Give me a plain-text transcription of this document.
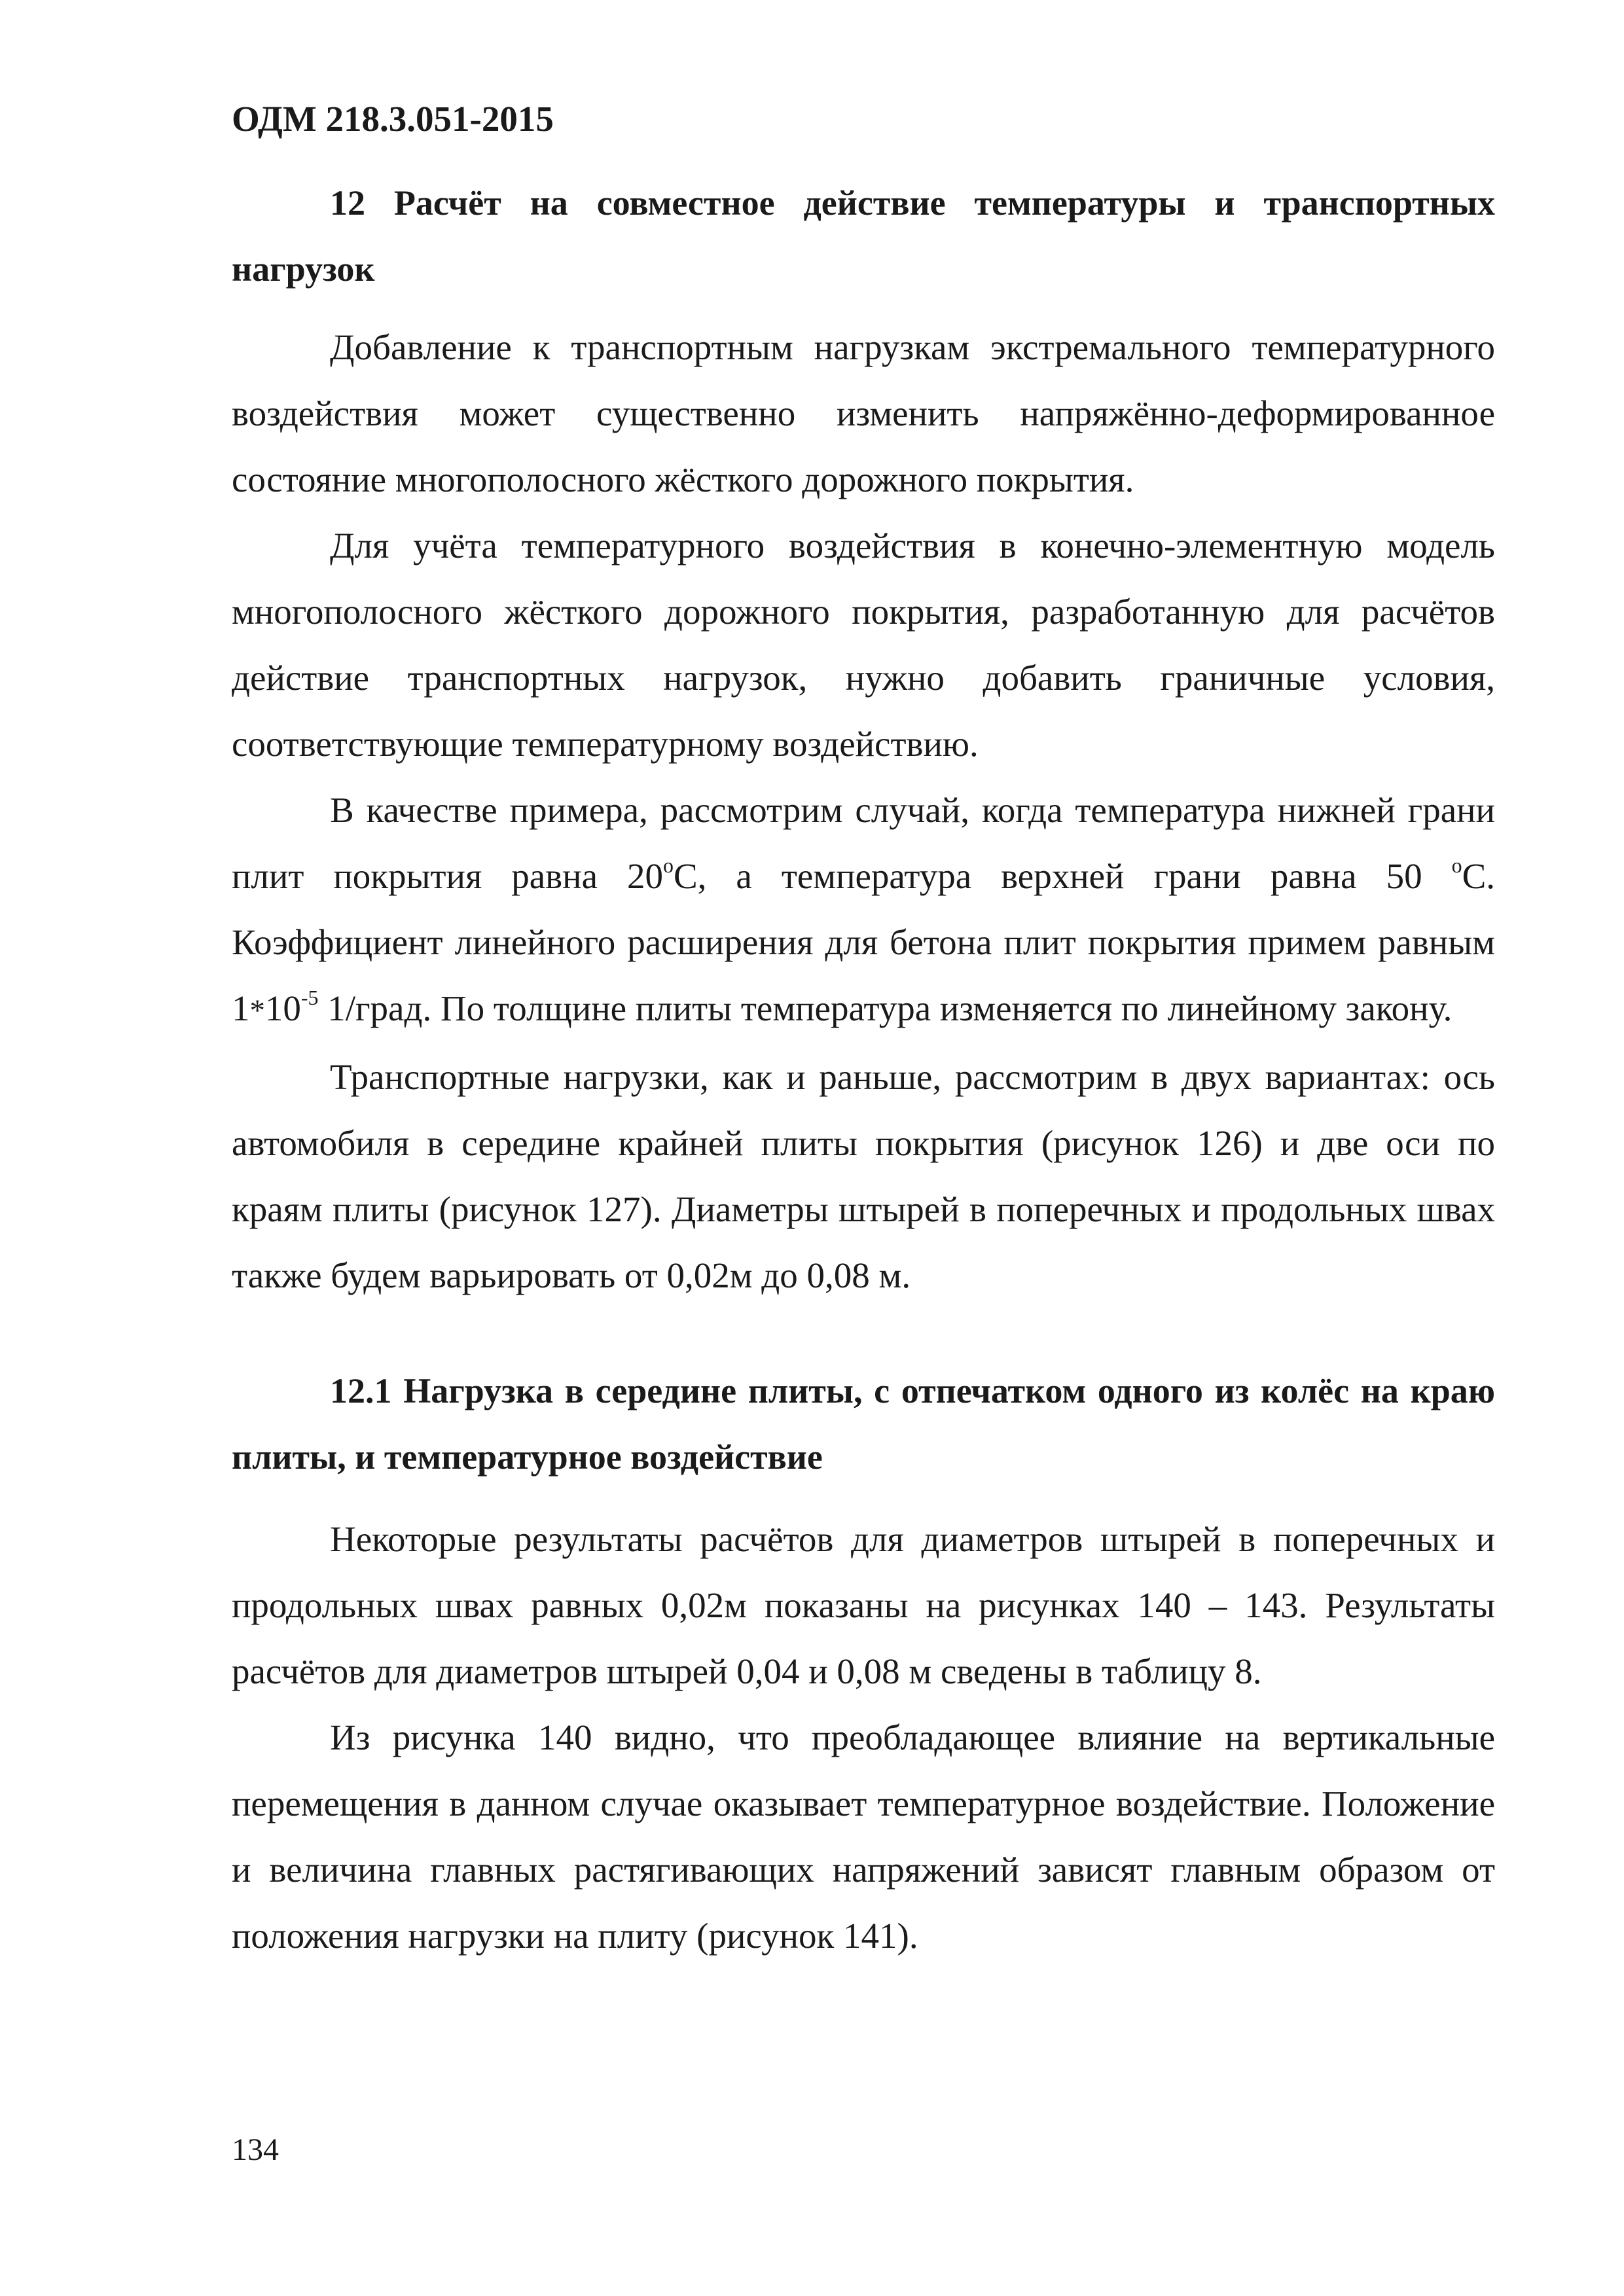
ОДМ 218.3.051-2015

12 Расчёт на совместное действие температуры и транспортных нагрузок

Добавление к транспортным нагрузкам экстремального температурного воздействия может существенно изменить напряжённо-деформированное состояние многополосного жёсткого дорожного покрытия.

Для учёта температурного воздействия в конечно-элементную модель многополосного жёсткого дорожного покрытия, разработанную для расчётов действие транспортных нагрузок, нужно добавить граничные условия, соответствующие температурному воздействию.

В качестве примера, рассмотрим случай, когда температура нижней грани плит покрытия равна 20$^o$С, а температура верхней грани равна 50 $^o$С. Коэффициент линейного расширения для бетона плит покрытия примем равным $1*10^{-5}$ 1/град. По толщине плиты температура изменяется по линейному закону.

Транспортные нагрузки, как и раньше, рассмотрим в двух вариантах: ось автомобиля в середине крайней плиты покрытия (рисунок 126) и две оси по краям плиты (рисунок 127). Диаметры штырей в поперечных и продольных швах также будем варьировать от 0,02м до 0,08 м.

12.1 Нагрузка в середине плиты, с отпечатком одного из колёс на краю плиты, и температурное воздействие

Некоторые результаты расчётов для диаметров штырей в поперечных и продольных швах равных 0,02м показаны на рисунках 140 – 143. Результаты расчётов для диаметров штырей 0,04 и 0,08 м сведены в таблицу 8.

Из рисунка 140 видно, что преобладающее влияние на вертикальные перемещения в данном случае оказывает температурное воздействие. Положение и величина главных растягивающих напряжений зависят главным образом от положения нагрузки на плиту (рисунок 141).

134
